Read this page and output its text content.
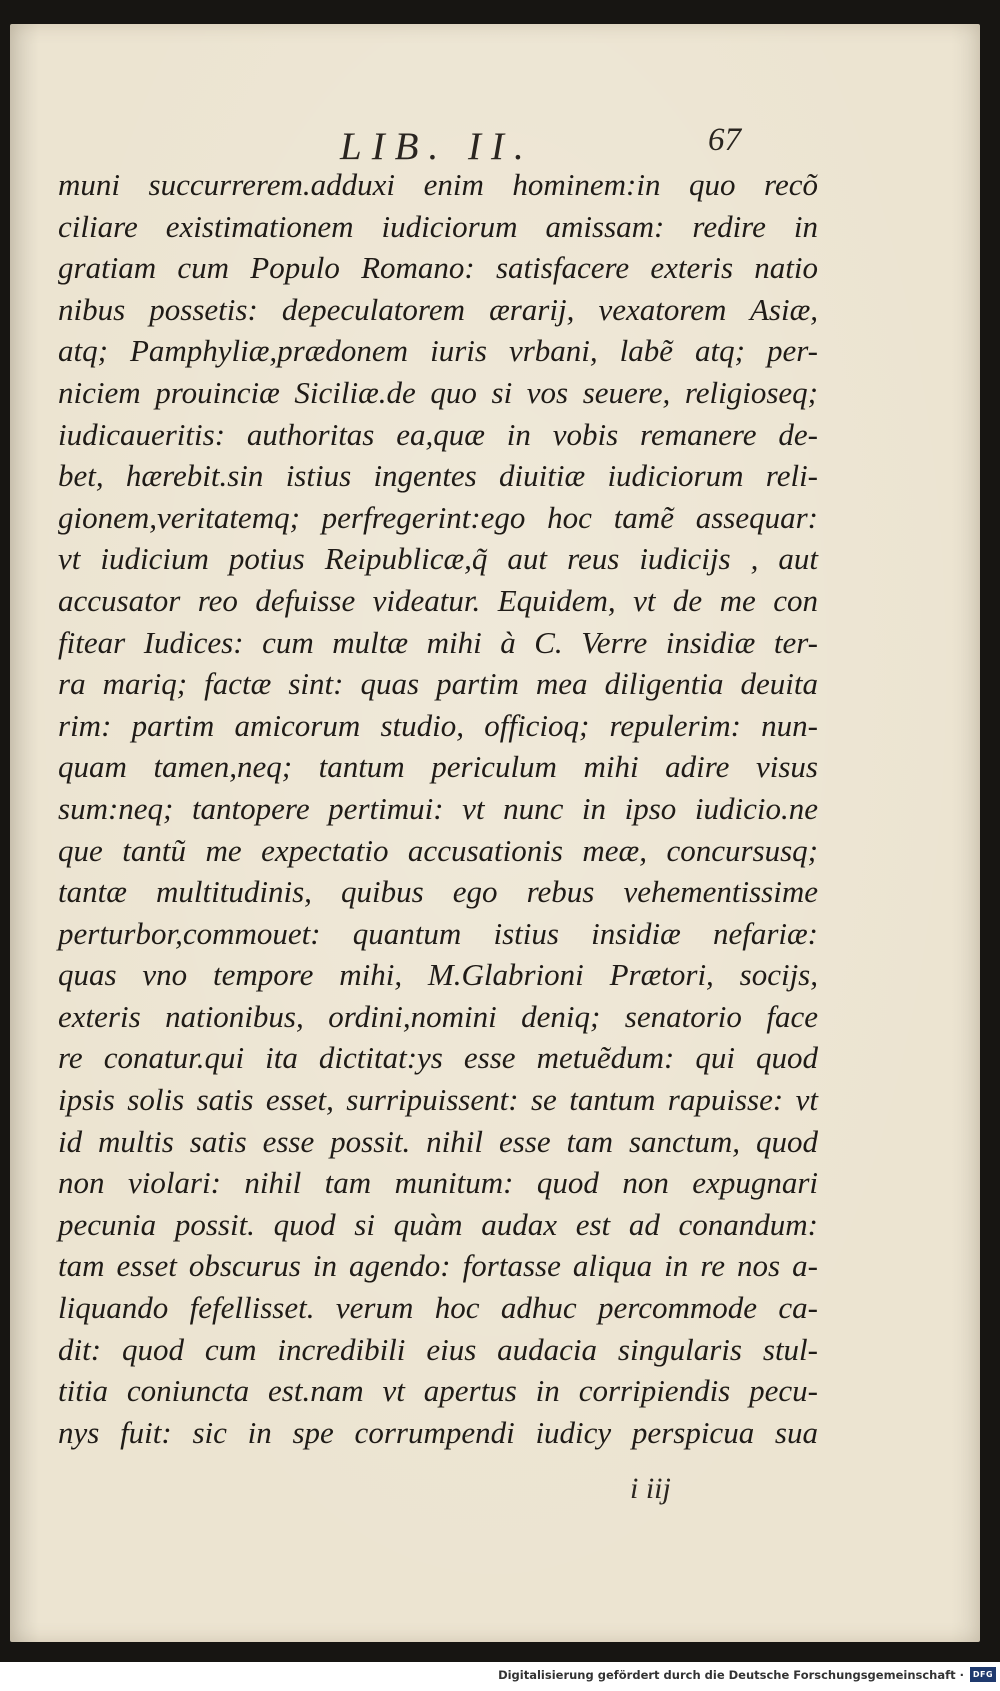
LIB. II.	67
muni succurrerem.adduxi enim hominem:in quo recõ
ciliare existimationem iudiciorum amissam: redire in
gratiam cum Populo Romano: satisfacere exteris natio
nibus possetis: depeculatorem ærarij, vexatorem Asiæ,
atq; Pamphyliæ,prædonem iuris vrbani, labẽ atq; per-
niciem prouinciæ Siciliæ.de quo si vos seuere, religioseq;
iudicaueritis: authoritas ea,quæ in vobis remanere de-
bet, hærebit.sin istius ingentes diuitiæ iudiciorum reli-
gionem,veritatemq; perfregerint:ego hoc tamẽ assequar:
vt iudicium potius Reipublicæ,q̃ aut reus iudicijs , aut
accusator reo defuisse videatur. Equidem, vt de me con
fitear Iudices: cum multæ mihi à C. Verre insidiæ ter-
ra mariq; factæ sint: quas partim mea diligentia deuita
rim: partim amicorum studio, officioq; repulerim: nun-
quam tamen,neq; tantum periculum mihi adire visus
sum:neq; tantopere pertimui: vt nunc in ipso iudicio.ne
que tantũ me expectatio accusationis meæ, concursusq;
tantæ multitudinis, quibus ego rebus vehementissime
perturbor,commouet: quantum istius insidiæ nefariæ:
quas vno tempore mihi, M.Glabrioni Prætori, socijs,
exteris nationibus, ordini,nomini deniq; senatorio face
re conatur.qui ita dictitat:ys esse metuẽdum: qui quod
ipsis solis satis esset, surripuissent: se tantum rapuisse: vt
id multis satis esse possit. nihil esse tam sanctum, quod
non violari: nihil tam munitum: quod non expugnari
pecunia possit. quod si quàm audax est ad conandum:
tam esset obscurus in agendo: fortasse aliqua in re nos a-
liquando fefellisset. verum hoc adhuc percommode ca-
dit: quod cum incredibili eius audacia singularis stul-
titia coniuncta est.nam vt apertus in corripiendis pecu-
nys fuit: sic in spe corrumpendi iudicy perspicua sua
i iij
Digitalisierung gefördert durch die Deutsche Forschungsgemeinschaft ·	DFG
